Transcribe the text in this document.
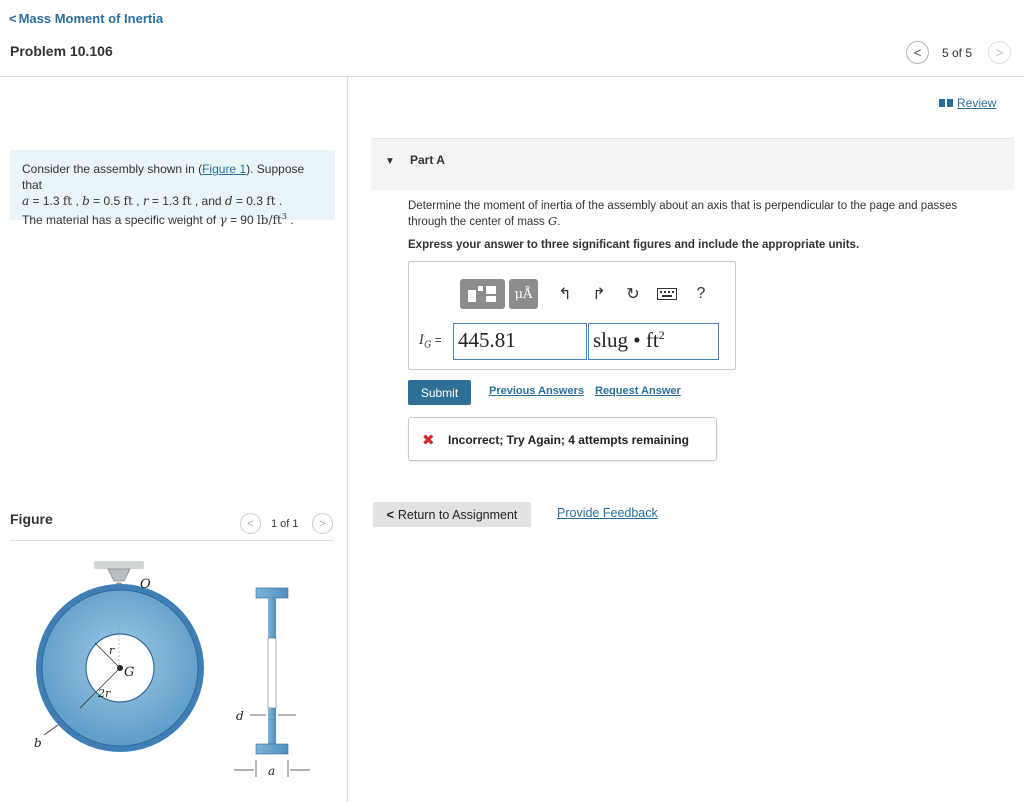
< Mass Moment of Inertia
Problem 10.106	< 5 of 5 >
Review
Consider the assembly shown in (Figure 1). Suppose that
a = 1.3 ft , b = 0.5 ft , r = 1.3 ft , and d = 0.3 ft .
The material has a specific weight of γ = 90 $lb/ft^3$ .
Figure	< 1 of 1 >
O
G
r
2r
b
d
a
▼ Part A
Determine the moment of inertia of the assembly about an axis that is perpendicular to the page and passes through the center of mass G.
Express your answer to three significant figures and include the appropriate units.
μÅ ↰ ↱ ↻	?
$I_G = 445.81$	slug • $ft^2$
Submit	Previous Answers Request Answer
✖ Incorrect; Try Again; 4 attempts remaining
< Return to Assignment	Provide Feedback
